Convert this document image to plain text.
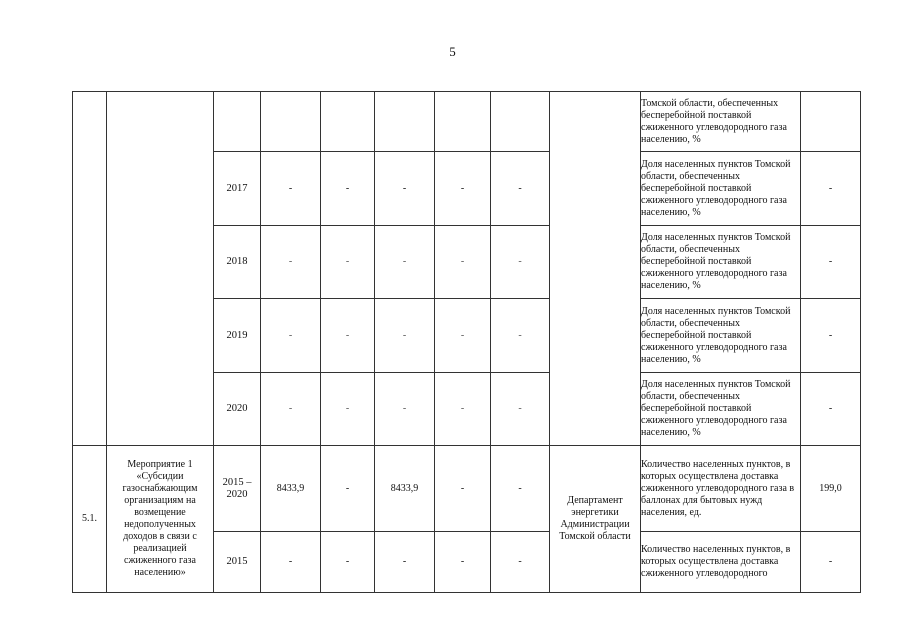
5
									Томской области, обеспеченных бесперебойной поставкой сжиженного углеводородного газа населению, %	
		2017	-	-	-	-	-		Доля населенных пунктов Томской области, обеспеченных бесперебойной поставкой сжиженного углеводородного газа населению, %	-
		2018	-	-	-	-	-		Доля населенных пунктов Томской области, обеспеченных бесперебойной поставкой сжиженного углеводородного газа населению, %	-
		2019	-	-	-	-	-		Доля населенных пунктов Томской области, обеспеченных бесперебойной поставкой сжиженного углеводородного газа населению, %	-
		2020	-	-	-	-	-		Доля населенных пунктов Томской области, обеспеченных бесперебойной поставкой сжиженного углеводородного газа населению, %	-
5.1.	Мероприятие 1 «Субсидии газоснабжающим организациям на возмещение недополученных доходов в связи с реализацией сжиженного газа населению»	2015 – 2020	8433,9	-	8433,9	-	-	Департамент энергетики Администрации Томской области	Количество населенных пунктов, в которых осуществлена доставка сжиженного углеводородного газа в баллонах для бытовых нужд населения, ед.	199,0
		2015	-	-	-	-	-		Количество населенных пунктов, в которых осуществлена доставка сжиженного углеводородного	-
